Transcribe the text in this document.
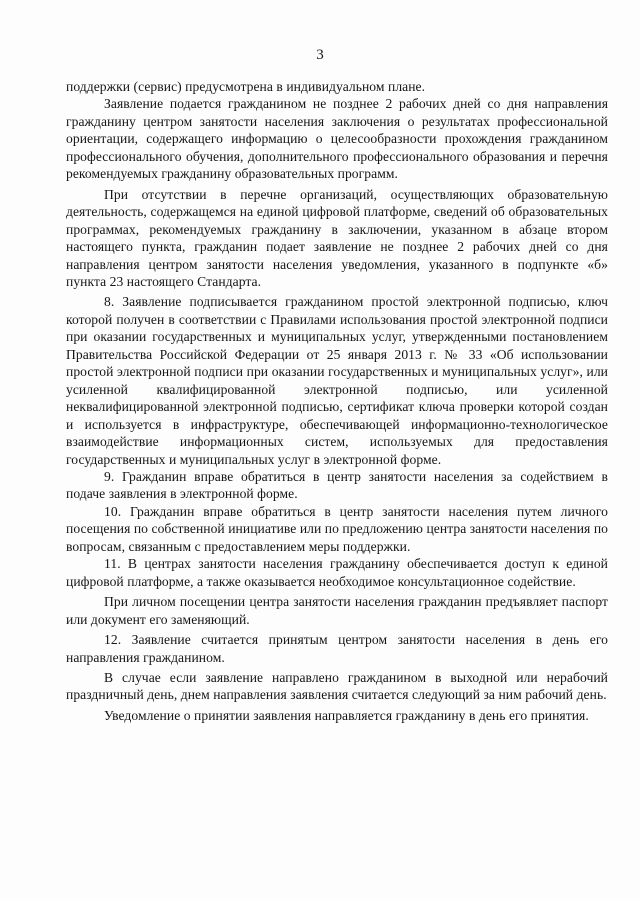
3

поддержки (сервис) предусмотрена в индивидуальном плане.

Заявление подается гражданином не позднее 2 рабочих дней со дня направления гражданину центром занятости населения заключения о результатах профессиональной ориентации, содержащего информацию о целесообразности прохождения гражданином профессионального обучения, дополнительного профессионального образования и перечня рекомендуемых гражданину образовательных программ.

При отсутствии в перечне организаций, осуществляющих образовательную деятельность, содержащемся на единой цифровой платформе, сведений об образовательных программах, рекомендуемых гражданину в заключении, указанном в абзаце втором настоящего пункта, гражданин подает заявление не позднее 2 рабочих дней со дня направления центром занятости населения уведомления, указанного в подпункте «б» пункта 23 настоящего Стандарта.

8. Заявление подписывается гражданином простой электронной подписью, ключ которой получен в соответствии с Правилами использования простой электронной подписи при оказании государственных и муниципальных услуг, утвержденными постановлением Правительства Российской Федерации от 25 января 2013 г. № 33 «Об использовании простой электронной подписи при оказании государственных и муниципальных услуг», или усиленной квалифицированной электронной подписью, или усиленной неквалифицированной электронной подписью, сертификат ключа проверки которой создан и используется в инфраструктуре, обеспечивающей информационно-технологическое взаимодействие информационных систем, используемых для предоставления государственных и муниципальных услуг в электронной форме.

9. Гражданин вправе обратиться в центр занятости населения за содействием в подаче заявления в электронной форме.

10. Гражданин вправе обратиться в центр занятости населения путем личного посещения по собственной инициативе или по предложению центра занятости населения по вопросам, связанным с предоставлением меры поддержки.

11. В центрах занятости населения гражданину обеспечивается доступ к единой цифровой платформе, а также оказывается необходимое консультационное содействие.

При личном посещении центра занятости населения гражданин предъявляет паспорт или документ его заменяющий.

12. Заявление считается принятым центром занятости населения в день его направления гражданином.

В случае если заявление направлено гражданином в выходной или нерабочий праздничный день, днем направления заявления считается следующий за ним рабочий день.

Уведомление о принятии заявления направляется гражданину в день его принятия.
